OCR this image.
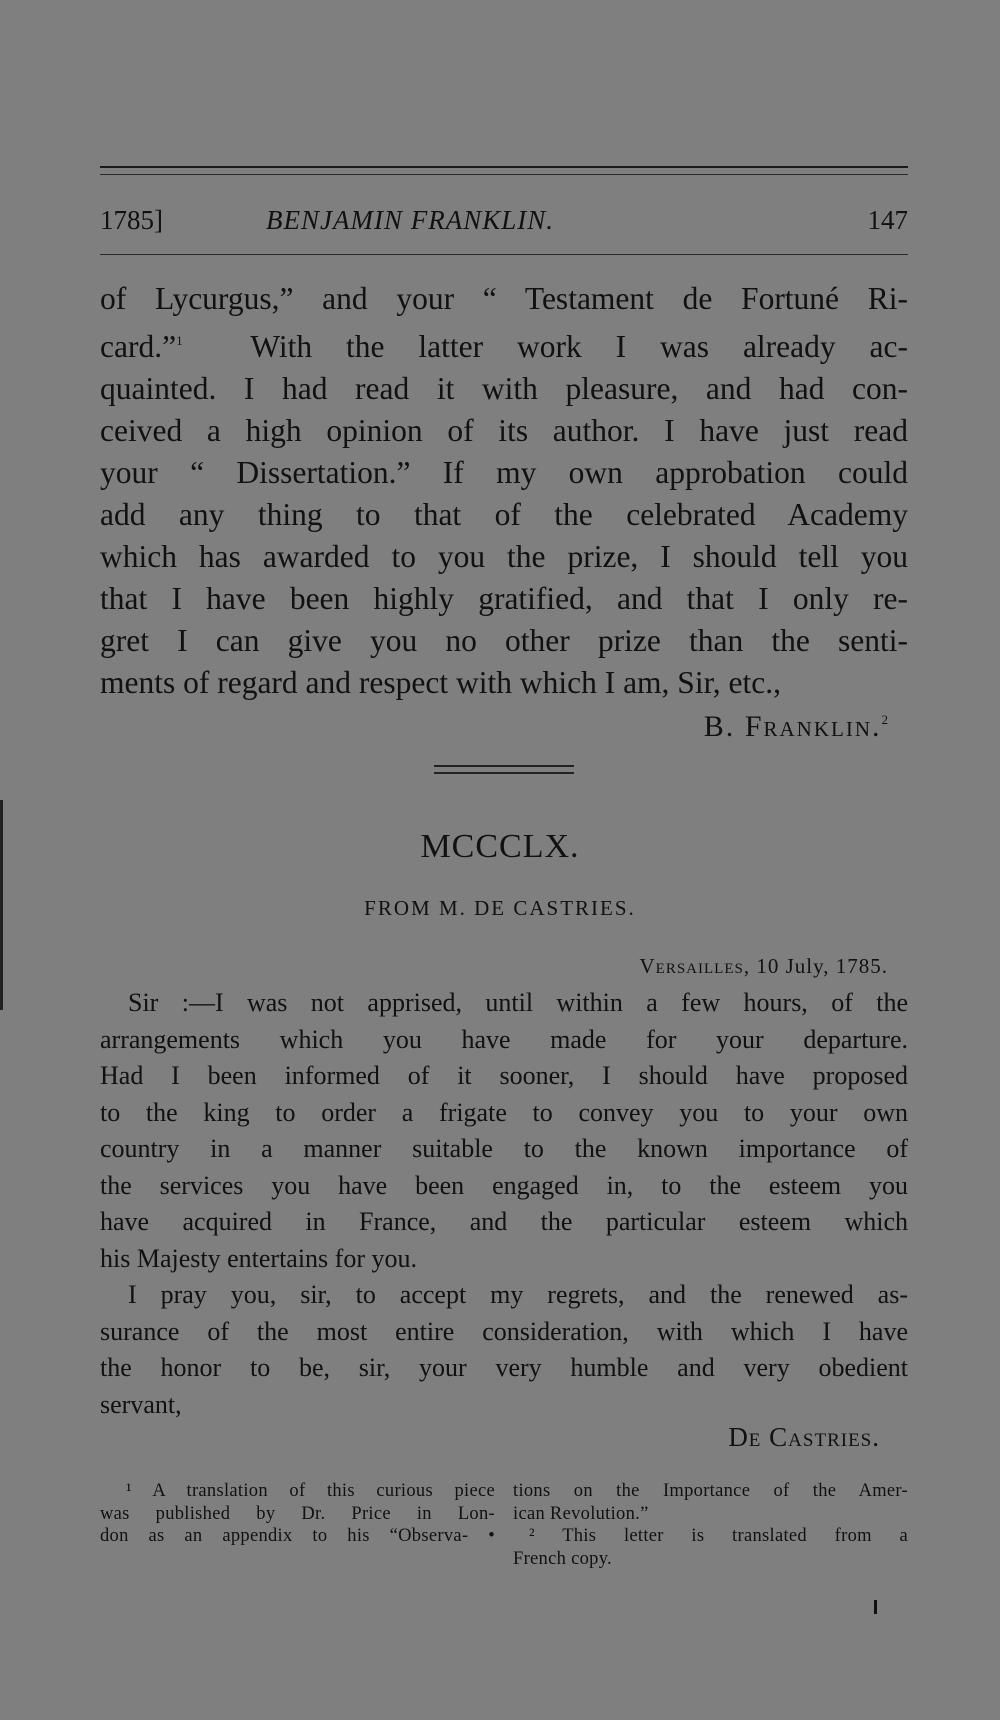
1785]	BENJAMIN FRANKLIN.	147
of Lycurgus,” and your “ Testament de Fortuné Ri-
card.”$^1$ With the latter work I was already ac-
quainted. I had read it with pleasure, and had con-
ceived a high opinion of its author. I have just read
your “ Dissertation.” If my own approbation could
add any thing to that of the celebrated Academy
which has awarded to you the prize, I should tell you
that I have been highly gratified, and that I only re-
gret I can give you no other prize than the senti-
ments of regard and respect with which I am, Sir, etc.,
B. Franklin.$^2$
MCCCLX.
FROM M. DE CASTRIES.
Versailles, 10 July, 1785.
Sir :—I was not apprised, until within a few hours, of the
arrangements which you have made for your departure.
Had I been informed of it sooner, I should have proposed
to the king to order a frigate to convey you to your own
country in a manner suitable to the known importance of
the services you have been engaged in, to the esteem you
have acquired in France, and the particular esteem which
his Majesty entertains for you.
I pray you, sir, to accept my regrets, and the renewed as-
surance of the most entire consideration, with which I have
the honor to be, sir, your very humble and very obedient
servant,
De Castries.
¹ A translation of this curious piece
was published by Dr. Price in Lon-
don as an appendix to his “Observa- •
tions on the Importance of the Amer-
ican Revolution.”
² This letter is translated from a
French copy.
